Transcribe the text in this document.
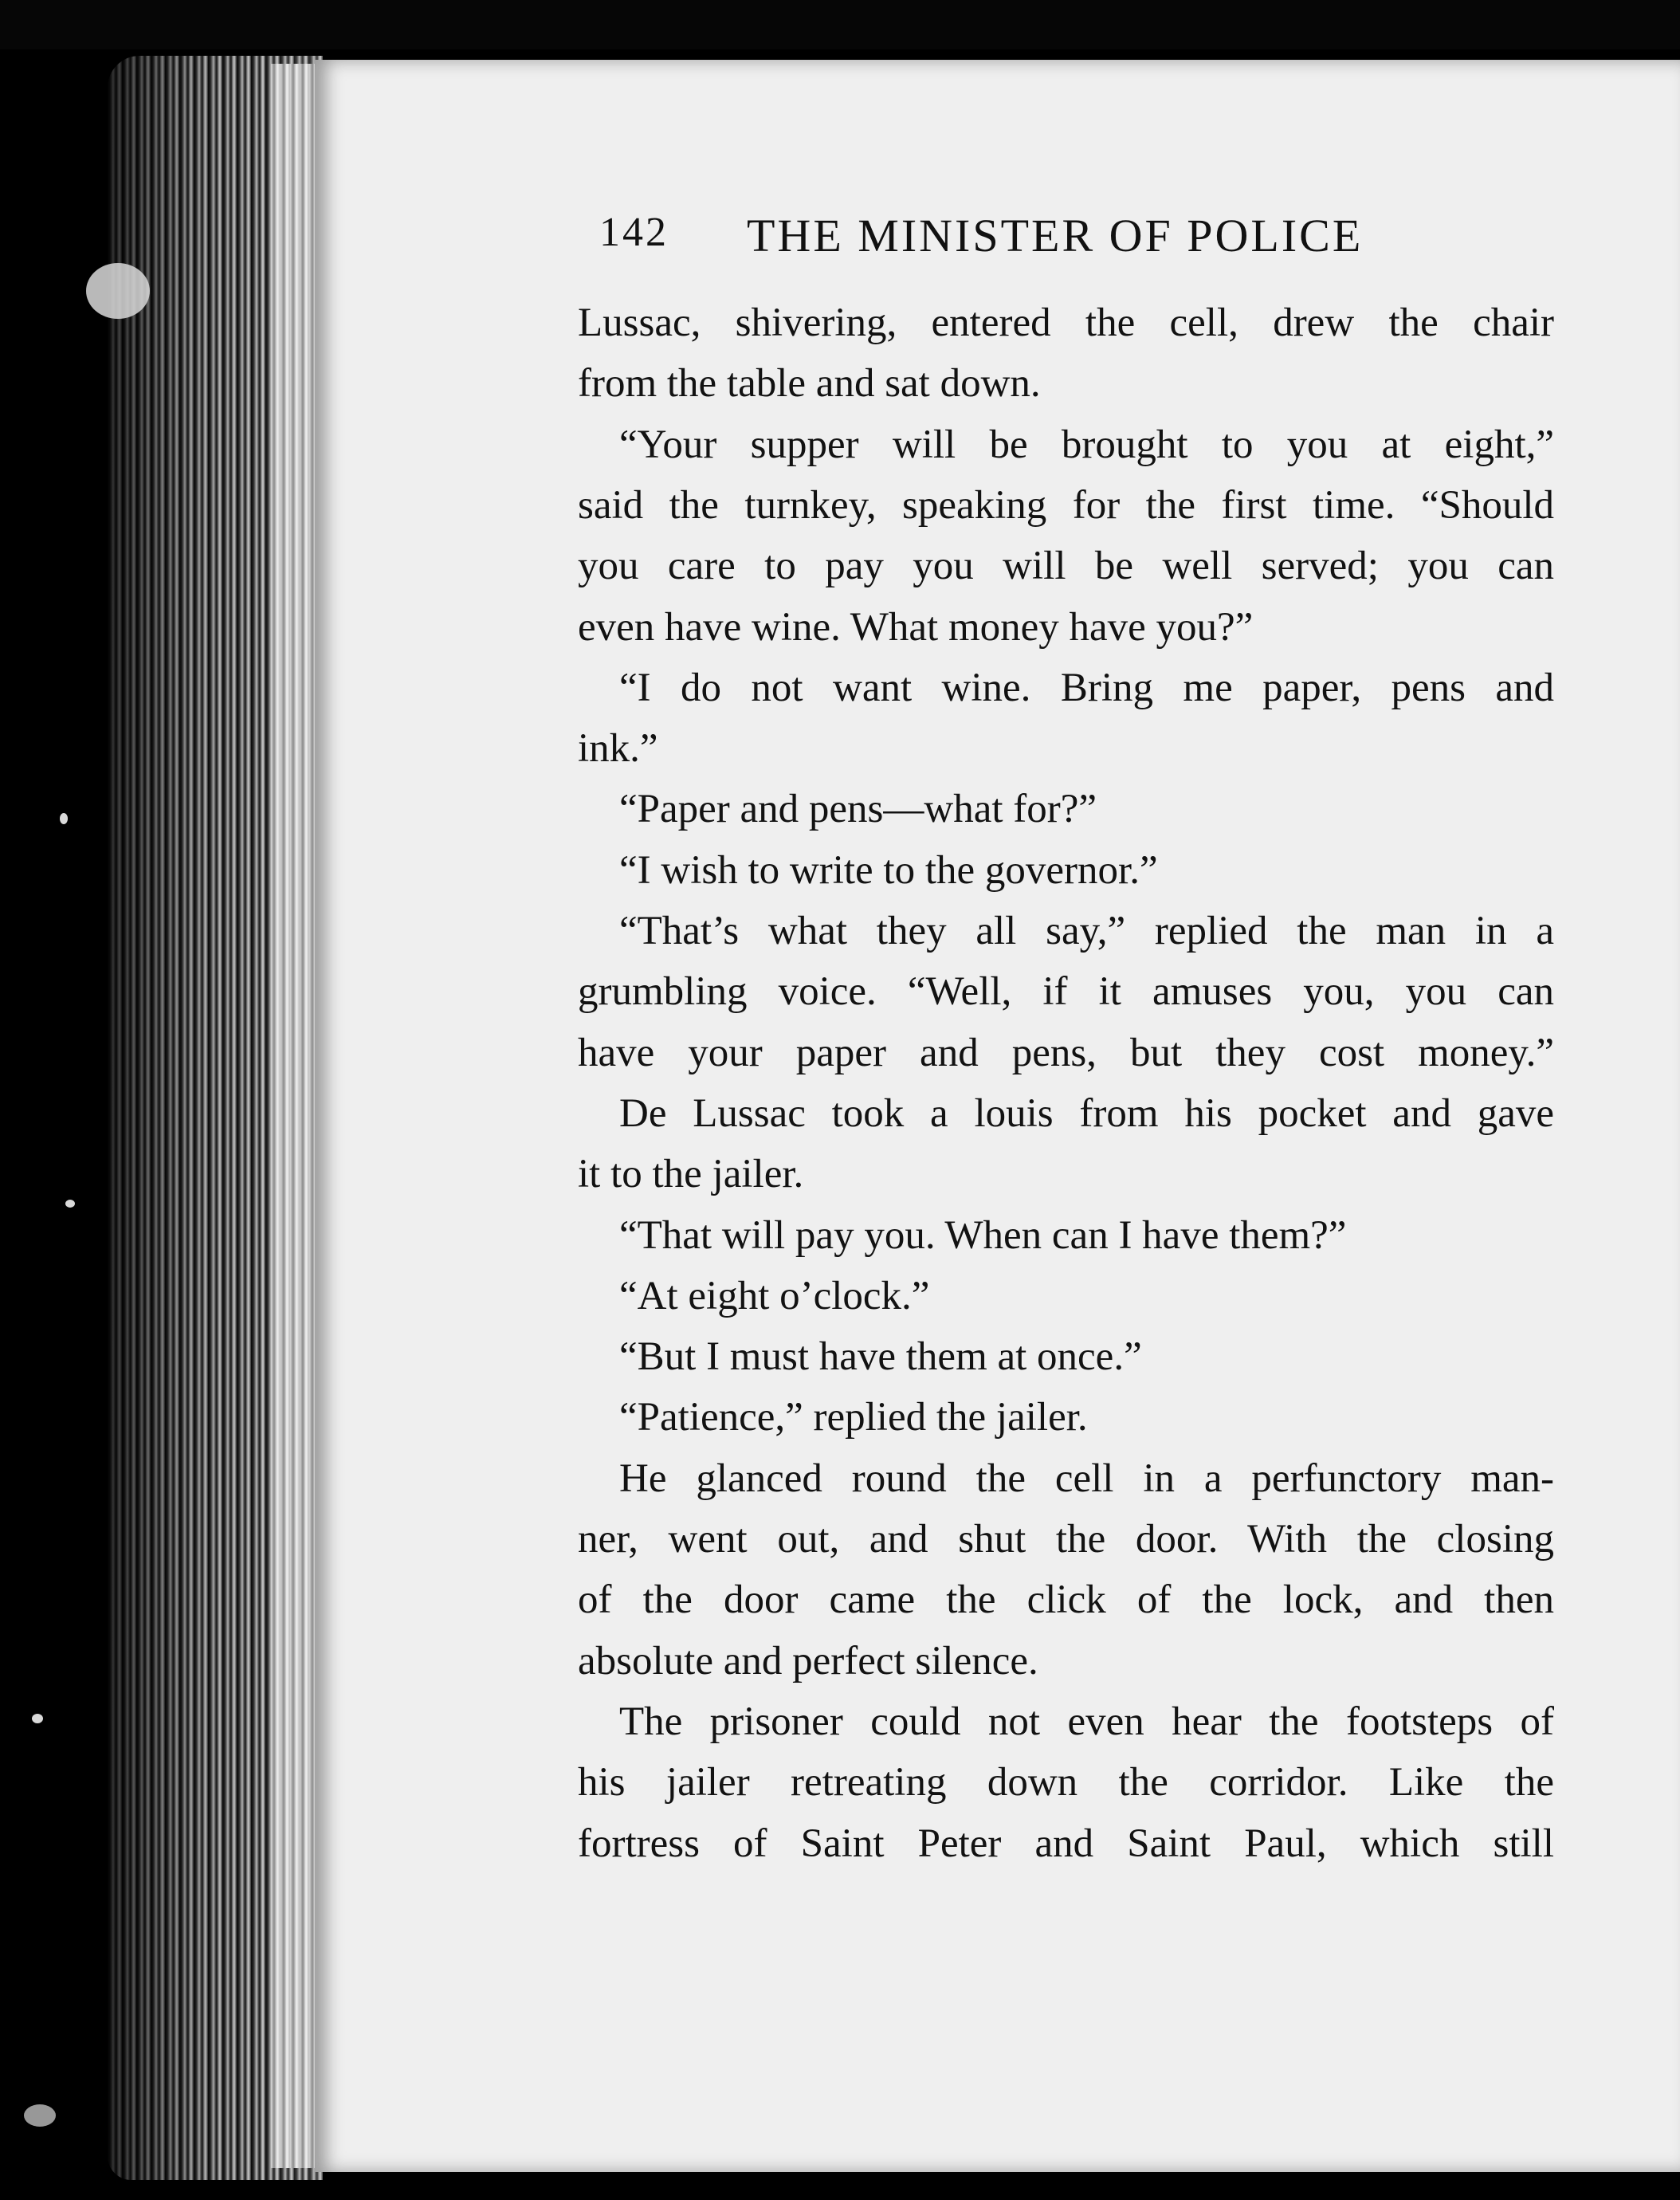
142 THE MINISTER OF POLICE
Lussac, shivering, entered the cell, drew the chair
from the table and sat down.
“Your supper will be brought to you at eight,”
said the turnkey, speaking for the first time. “Should
you care to pay you will be well served; you can
even have wine. What money have you?”
“I do not want wine. Bring me paper, pens and
ink.”
“Paper and pens—what for?”
“I wish to write to the governor.”
“That’s what they all say,” replied the man in a
grumbling voice. “Well, if it amuses you, you can
have your paper and pens, but they cost money.”
De Lussac took a louis from his pocket and gave
it to the jailer.
“That will pay you. When can I have them?”
“At eight o’clock.”
“But I must have them at once.”
“Patience,” replied the jailer.
He glanced round the cell in a perfunctory man-
ner, went out, and shut the door. With the closing
of the door came the click of the lock, and then
absolute and perfect silence.
The prisoner could not even hear the footsteps of
his jailer retreating down the corridor. Like the
fortress of Saint Peter and Saint Paul, which still
